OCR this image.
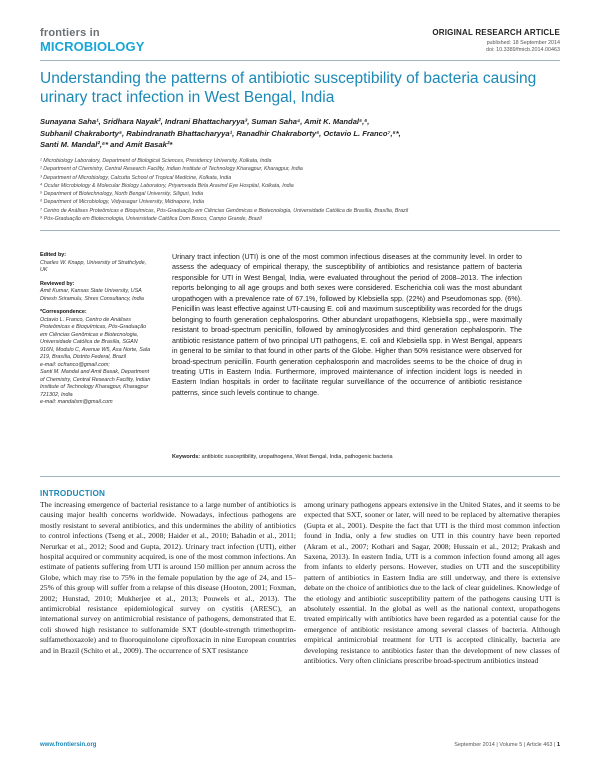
frontiers in
MICROBIOLOGY
ORIGINAL RESEARCH ARTICLE
published: 18 September 2014
doi: 10.3389/fmicb.2014.00463
Understanding the patterns of antibiotic susceptibility of bacteria causing urinary tract infection in West Bengal, India
Sunayana Saha¹, Sridhara Nayak², Indrani Bhattacharyya³, Suman Saha⁴, Amit K. Mandal⁵,⁶,
Subhanil Chakraborty⁵, Rabindranath Bhattacharyya¹, Ranadhir Chakraborty⁵, Octavio L. Franco⁷,⁸*,
Santi M. Mandal²,⁶* and Amit Basak²*
¹ Microbiology Laboratory, Department of Biological Sciences, Presidency University, Kolkata, India
² Department of Chemistry, Central Research Facility, Indian Institute of Technology Kharagpur, Kharagpur, India
³ Department of Microbiology, Calcutta School of Tropical Medicine, Kolkata, India
⁴ Ocular Microbiology & Molecular Biology Laboratory, Priyamvada Birla Aravind Eye Hospital, Kolkata, India
⁵ Department of Biotechnology, North Bengal University, Siliguri, India
⁶ Department of Microbiology, Vidyasagar University, Midnapore, India
⁷ Centro de Análises Proteômicas e Bioquímicas, Pós-Graduação em Ciências Genômicas e Biotecnologia, Universidade Católica de Brasília, Brasília, Brazil
⁸ Pós-Graduação em Biotecnologia, Universidade Católica Dom Bosco, Campo Grande, Brazil
Edited by:
Charles W. Knapp, University of Strathclyde, UK
Reviewed by:
Amit Kumar, Kansas State University, USA
Dinesh Sriramulu, Shres Consultancy, India
*Correspondence:
Octavio L. Franco, Centro de Análises Proteômicas e Bioquímicas, Pós-Graduação em Ciências Genômicas e Biotecnologia, Universidade Católica de Brasília, SGAN 916N, Modulo C, Avenue W5, Asa Norte, Sala 219, Brasília, Distrito Federal, Brazil
e-mail: ocfranco@gmail.com;
Santi M. Mandal and Amit Basak, Department of Chemistry, Central Research Facility, Indian Institute of Technology Kharagpur, Kharagpur 721302, India
e-mail: mandalsm@gmail.com
Urinary tract infection (UTI) is one of the most common infectious diseases at the community level. In order to assess the adequacy of empirical therapy, the susceptibility of antibiotics and resistance pattern of bacteria responsible for UTI in West Bengal, India, were evaluated throughout the period of 2008–2013. The infection reports belonging to all age groups and both sexes were considered. Escherichia coli was the most abundant uropathogen with a prevalence rate of 67.1%, followed by Klebsiella spp. (22%) and Pseudomonas spp. (6%). Penicillin was least effective against UTI-causing E. coli and maximum susceptibility was recorded for the drugs belonging to fourth generation cephalosporins. Other abundant uropathogens, Klebsiella spp., were maximally resistant to broad-spectrum penicillin, followed by aminoglycosides and third generation cephalosporin. The antibiotic resistance pattern of two principal UTI pathogens, E. coli and Klebsiella spp. in West Bengal, appears in general to be similar to that found in other parts of the Globe. Higher than 50% resistance were observed for broad-spectrum penicillin. Fourth generation cephalosporin and macrolides seems to be the choice of drug in treating UTIs in Eastern India. Furthermore, improved maintenance of infection incident logs is needed in Eastern Indian hospitals in order to facilitate regular surveillance of the occurrence of antibiotic resistance patterns, since such levels continue to change.
Keywords: antibiotic susceptibility, uropathogens, West Bengal, India, pathogenic bacteria
INTRODUCTION
The increasing emergence of bacterial resistance to a large number of antibiotics is causing major health concerns worldwide. Nowadays, infectious pathogens are mostly resistant to several antibiotics, and this undermines the ability of antibiotics to control infections (Tseng et al., 2008; Haider et al., 2010; Bahadin et al., 2011; Nerurkar et al., 2012; Sood and Gupta, 2012). Urinary tract infection (UTI), either hospital acquired or community acquired, is one of the most common infections. An estimate of patients suffering from UTI is around 150 million per annum across the Globe, which may rise to 75% in the female population by the age of 24, and 15–25% of this group will suffer from a relapse of this disease (Hooton, 2001; Foxman, 2002; Hunstad, 2010; Mukherjee et al., 2013; Pouwels et al., 2013). The antimicrobial resistance epidemiological survey on cystitis (ARESC), an international survey on antimicrobial resistance of pathogens, demonstrated that E. coli showed high resistance to sulfonamide SXT (double-strength trimethoprim-sulfamethoxazole) and to fluoroquinolone ciprofloxacin in nine European countries and in Brazil (Schito et al., 2009). The occurrence of SXT resistance
among urinary pathogens appears extensive in the United States, and it seems to be expected that SXT, sooner or later, will need to be replaced by alternative therapies (Gupta et al., 2001). Despite the fact that UTI is the third most common infection found in India, only a few studies on UTI in this country have been reported (Akram et al., 2007; Kothari and Sagar, 2008; Hussain et al., 2012; Prakash and Saxena, 2013). In eastern India, UTI is a common infection found among all ages from infants to elderly persons. However, studies on UTI and the susceptibility pattern of antibiotics in Eastern India are still underway, and there is extensive debate on the choice of antibiotics due to the lack of clear guidelines. Knowledge of the etiology and antibiotic susceptibility pattern of the pathogens causing UTI is absolutely essential. In the global as well as the national context, uropathogens treated empirically with antibiotics have been regarded as a potential cause for the emergence of antibiotic resistance among several classes of bacteria. Although empirical antimicrobial treatment for UTI is accepted clinically, bacteria are developing resistance to antibiotics faster than the development of new classes of antibiotics. Very often clinicians prescribe broad-spectrum antibiotics instead
www.frontiersin.org	September 2014 | Volume 5 | Article 463 | 1
